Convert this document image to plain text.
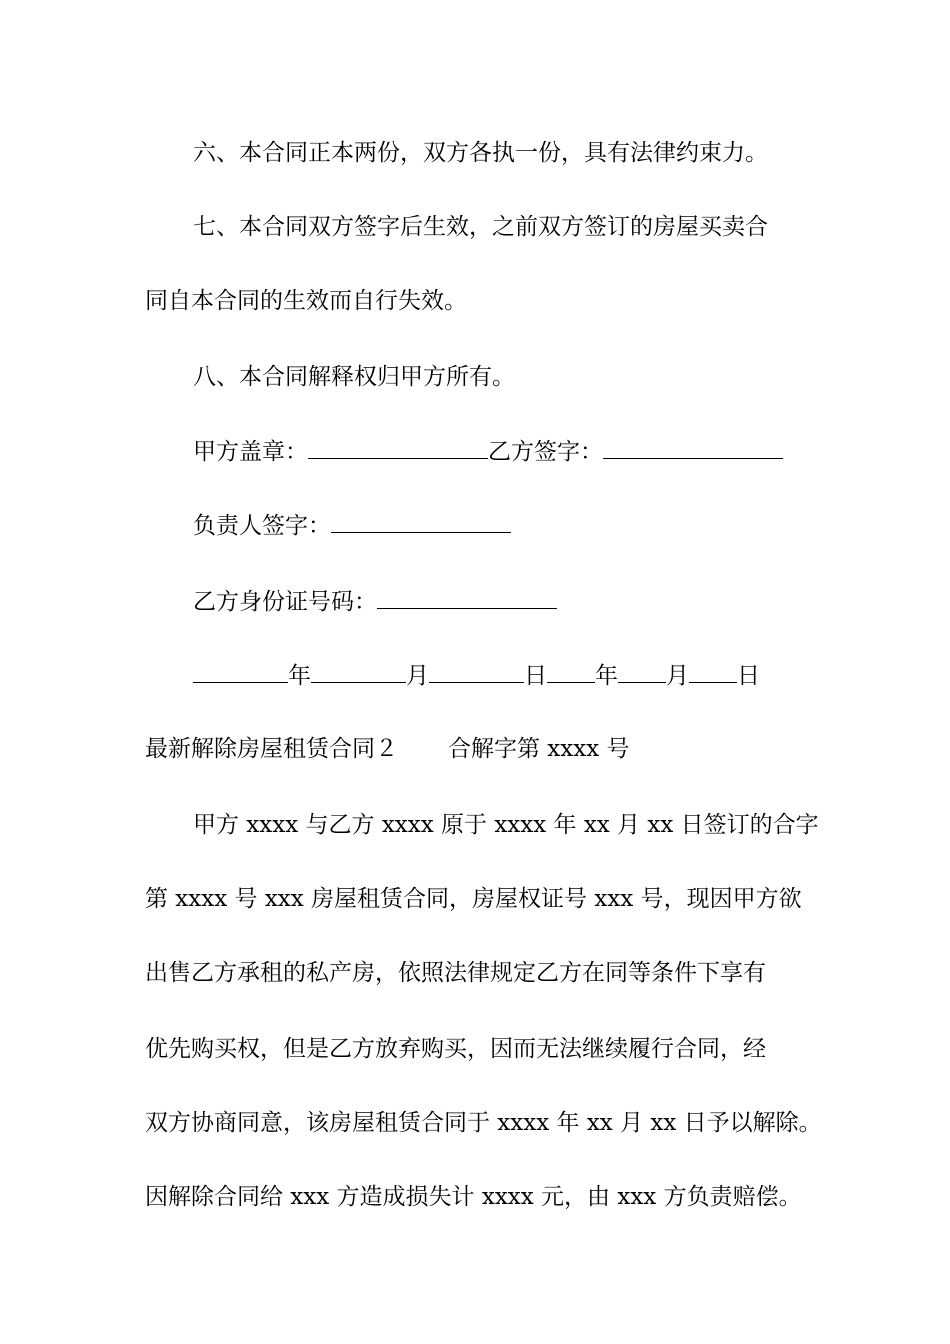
六、本合同正本两份，双方各执一份，具有法律约束力。
七、本合同双方签字后生效，之前双方签订的房屋买卖合
同自本合同的生效而自行失效。
八、本合同解释权归甲方所有。
甲方盖章：	乙方签字：
负责人签字：
乙方身份证号码：
年	月	日 年 月 日
最新解除房屋租赁合同２ 合解字第 xxxx 号
甲方 xxxx 与乙方 xxxx 原于 xxxx 年 xx 月 xx 日签订的合字
第 xxxx 号 xxx 房屋租赁合同，房屋权证号 xxx 号，现因甲方欲
出售乙方承租的私产房，依照法律规定乙方在同等条件下享有
优先购买权，但是乙方放弃购买，因而无法继续履行合同，经
双方协商同意，该房屋租赁合同于 xxxx 年 xx 月 xx 日予以解除。
因解除合同给 xxx 方造成损失计 xxxx 元，由 xxx 方负责赔偿。
